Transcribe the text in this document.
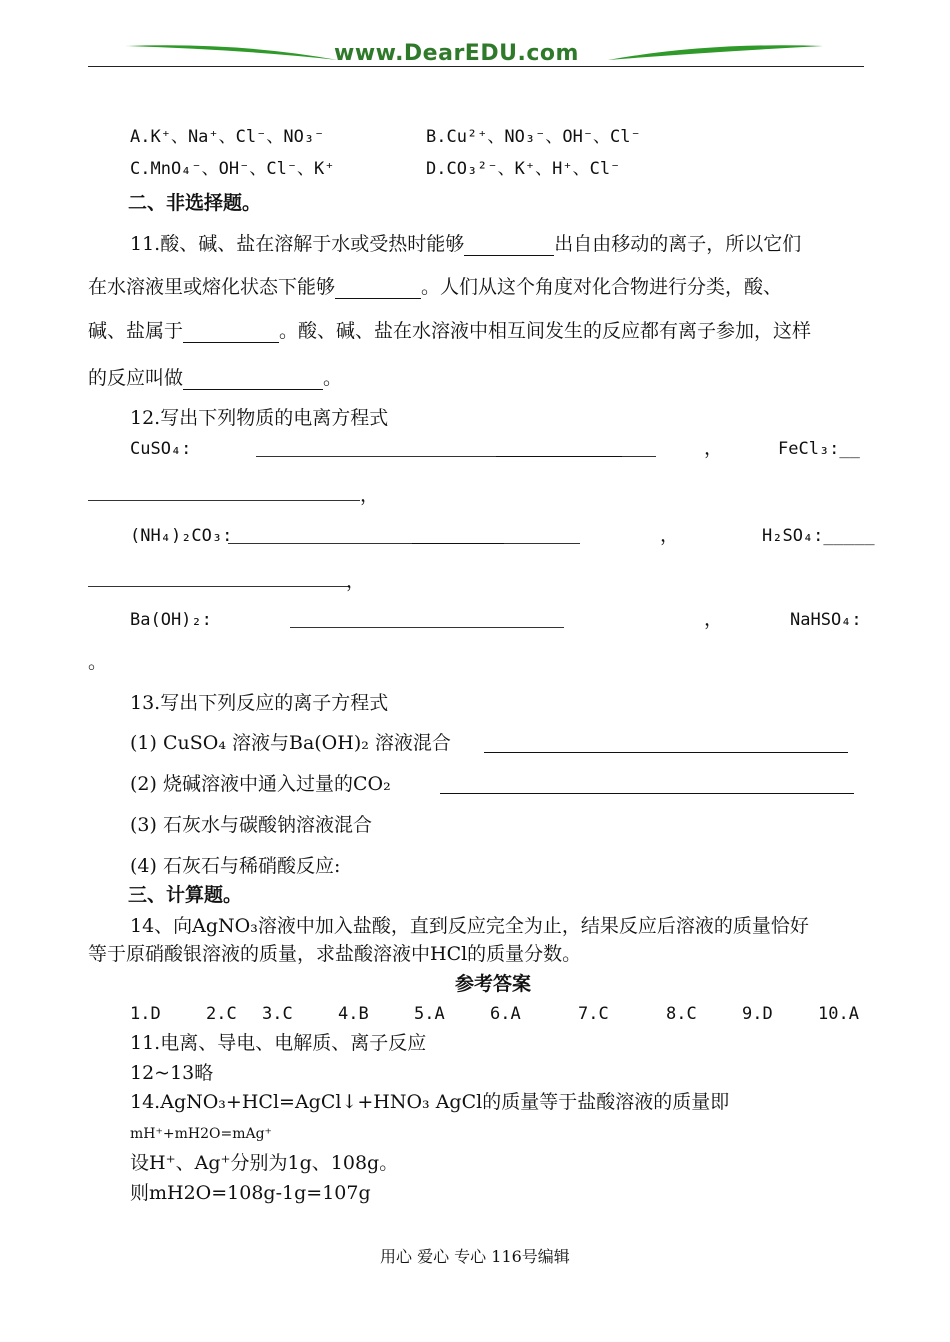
www.DearEDU.com
A.K⁺、Na⁺、Cl⁻、NO₃⁻	B.Cu²⁺、NO₃⁻、OH⁻、Cl⁻
C.MnO₄⁻、OH⁻、Cl⁻、K⁺	D.CO₃²⁻、K⁺、H⁺、Cl⁻
二、非选择题。
11.酸、碱、盐在溶解于水或受热时能够	出自由移动的离子，所以它们
在水溶液里或熔化状态下能够	。人们从这个角度对化合物进行分类，酸、
碱、盐属于	。酸、碱、盐在水溶液中相互间发生的反应都有离子参加，这样
的反应叫做	。
12.写出下列物质的电离方程式
CuSO₄:	，	FeCl₃:__
，
(NH₄)₂CO₃:	，	H₂SO₄:_____
，
Ba(OH)₂:	，	NaHSO₄:
。
13.写出下列反应的离子方程式
(1) CuSO₄ 溶液与Ba(OH)₂ 溶液混合
(2) 烧碱溶液中通入过量的CO₂
(3) 石灰水与碳酸钠溶液混合
(4) 石灰石与稀硝酸反应:
三、计算题。
14、向AgNO₃溶液中加入盐酸，直到反应完全为止，结果反应后溶液的质量恰好
等于原硝酸银溶液的质量，求盐酸溶液中HCl的质量分数。
参考答案
1.D	2.C 3.C	4.B	5.A	6.A	7.C	8.C	9.D	10.A
11.电离、导电、电解质、离子反应
12~13略
14.AgNO₃+HCl=AgCl↓+HNO₃ AgCl的质量等于盐酸溶液的质量即
mH⁺+mH2O=mAg⁺
设H⁺、Ag⁺分别为1g、108g。
则mH2O=108g-1g=107g
用心 爱心 专心 116号编辑
